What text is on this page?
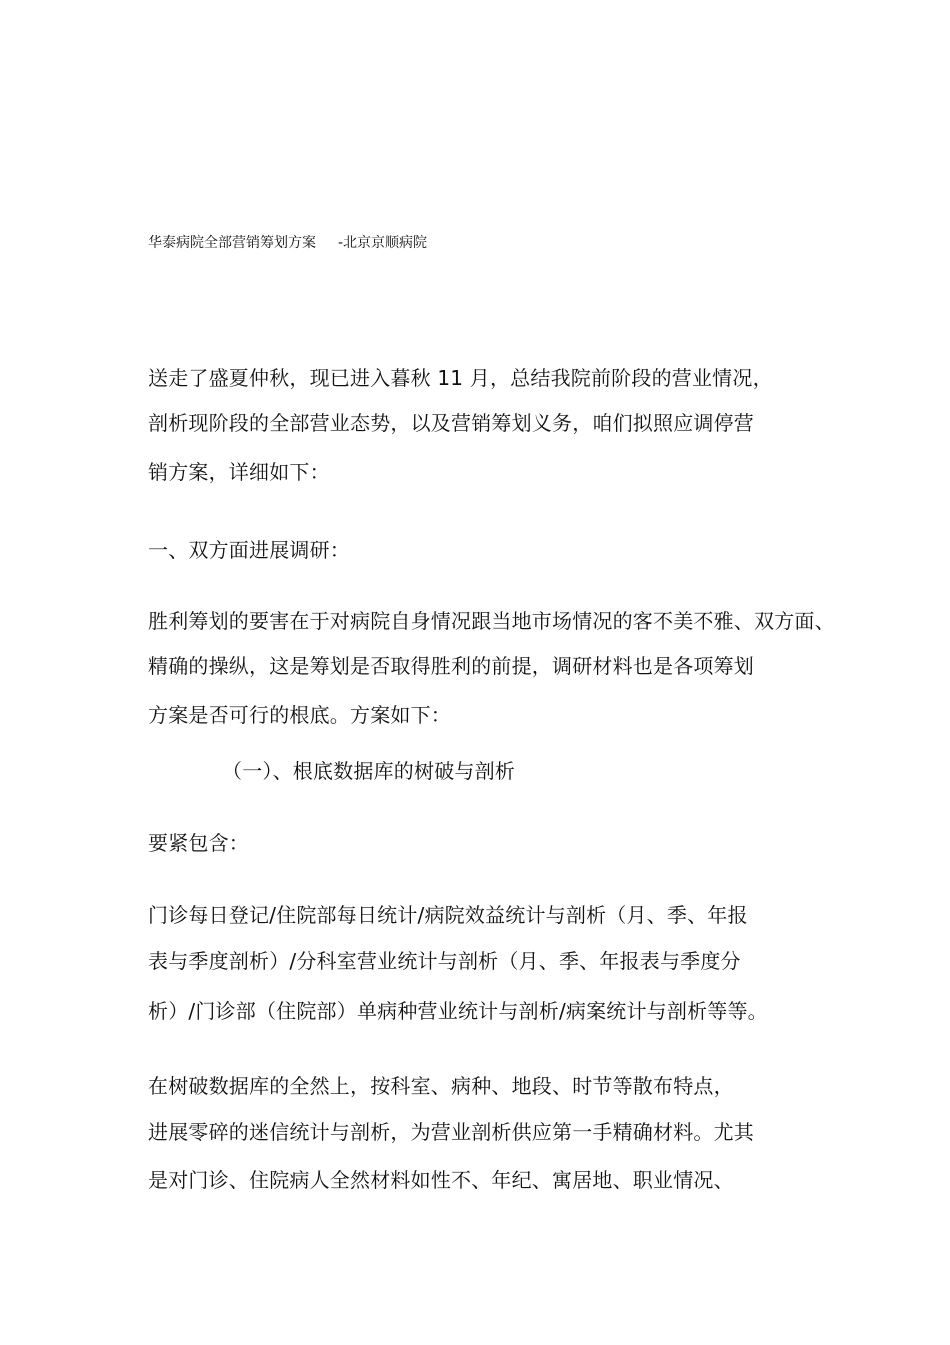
华泰病院全部营销筹划方案 -北京京顺病院
送走了盛夏仲秋，现已进入暮秋 11 月，总结我院前阶段的营业情况，
剖析现阶段的全部营业态势，以及营销筹划义务，咱们拟照应调停营
销方案，详细如下：
一、双方面进展调研：
胜利筹划的要害在于对病院自身情况跟当地市场情况的客不美不雅、双方面、
精确的操纵，这是筹划是否取得胜利的前提，调研材料也是各项筹划
方案是否可行的根底。方案如下：
（一）、根底数据库的树破与剖析
要紧包含：
门诊每日登记/住院部每日统计/病院效益统计与剖析（月、季、年报
表与季度剖析）/分科室营业统计与剖析（月、季、年报表与季度分
析）/门诊部（住院部）单病种营业统计与剖析/病案统计与剖析等等。
在树破数据库的全然上，按科室、病种、地段、时节等散布特点，
进展零碎的迷信统计与剖析，为营业剖析供应第一手精确材料。尤其
是对门诊、住院病人全然材料如性不、年纪、寓居地、职业情况、
